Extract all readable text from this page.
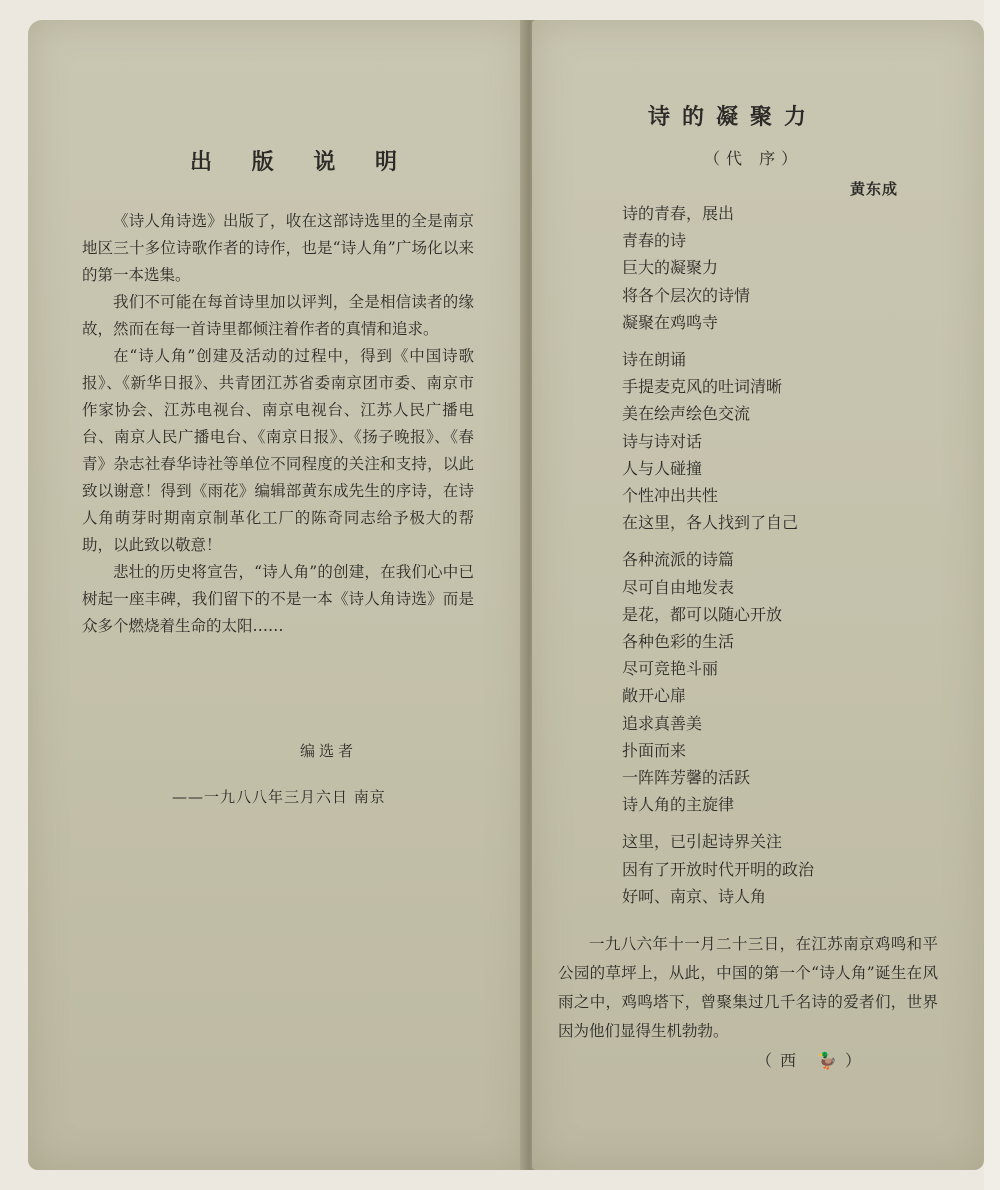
出 版 说 明

《诗人角诗选》出版了，收在这部诗选里的全是南京地区三十多位诗歌作者的诗作，也是“诗人角”广场化以来的第一本选集。

我们不可能在每首诗里加以评判，全是相信读者的缘故，然而在每一首诗里都倾注着作者的真情和追求。

在“诗人角”创建及活动的过程中，得到《中国诗歌报》、《新华日报》、共青团江苏省委南京团市委、南京市作家协会、江苏电视台、南京电视台、江苏人民广播电台、南京人民广播电台、《南京日报》、《扬子晚报》、《春青》杂志社春华诗社等单位不同程度的关注和支持，以此致以谢意！得到《雨花》编辑部黄东成先生的序诗，在诗人角萌芽时期南京制革化工厂的陈奇同志给予极大的帮助，以此致以敬意！

悲壮的历史将宣告，“诗人角”的创建，在我们心中已树起一座丰碑，我们留下的不是一本《诗人角诗选》而是众多个燃烧着生命的太阳……

编选者
——一九八八年三月六日 南京
诗的凝聚力
（代 序）
黄东成
诗的青春，展出
青春的诗
巨大的凝聚力
将各个层次的诗情
凝聚在鸡鸣寺
诗在朗诵
手提麦克风的吐词清晰
美在绘声绘色交流
诗与诗对话
人与人碰撞
个性冲出共性
在这里，各人找到了自己
各种流派的诗篇
尽可自由地发表
是花，都可以随心开放
各种色彩的生活
尽可竞艳斗丽
敞开心扉
追求真善美
扑面而来
一阵阵芳馨的活跃
诗人角的主旋律
这里，已引起诗界关注
因有了开放时代开明的政治
好呵、南京、诗人角

一九八六年十一月二十三日，在江苏南京鸡鸣和平公园的草坪上，从此，中国的第一个“诗人角”诞生在风雨之中，鸡鸣塔下，曾聚集过几千名诗的爱者们，世界因为他们显得生机勃勃。

（西 🦆）
